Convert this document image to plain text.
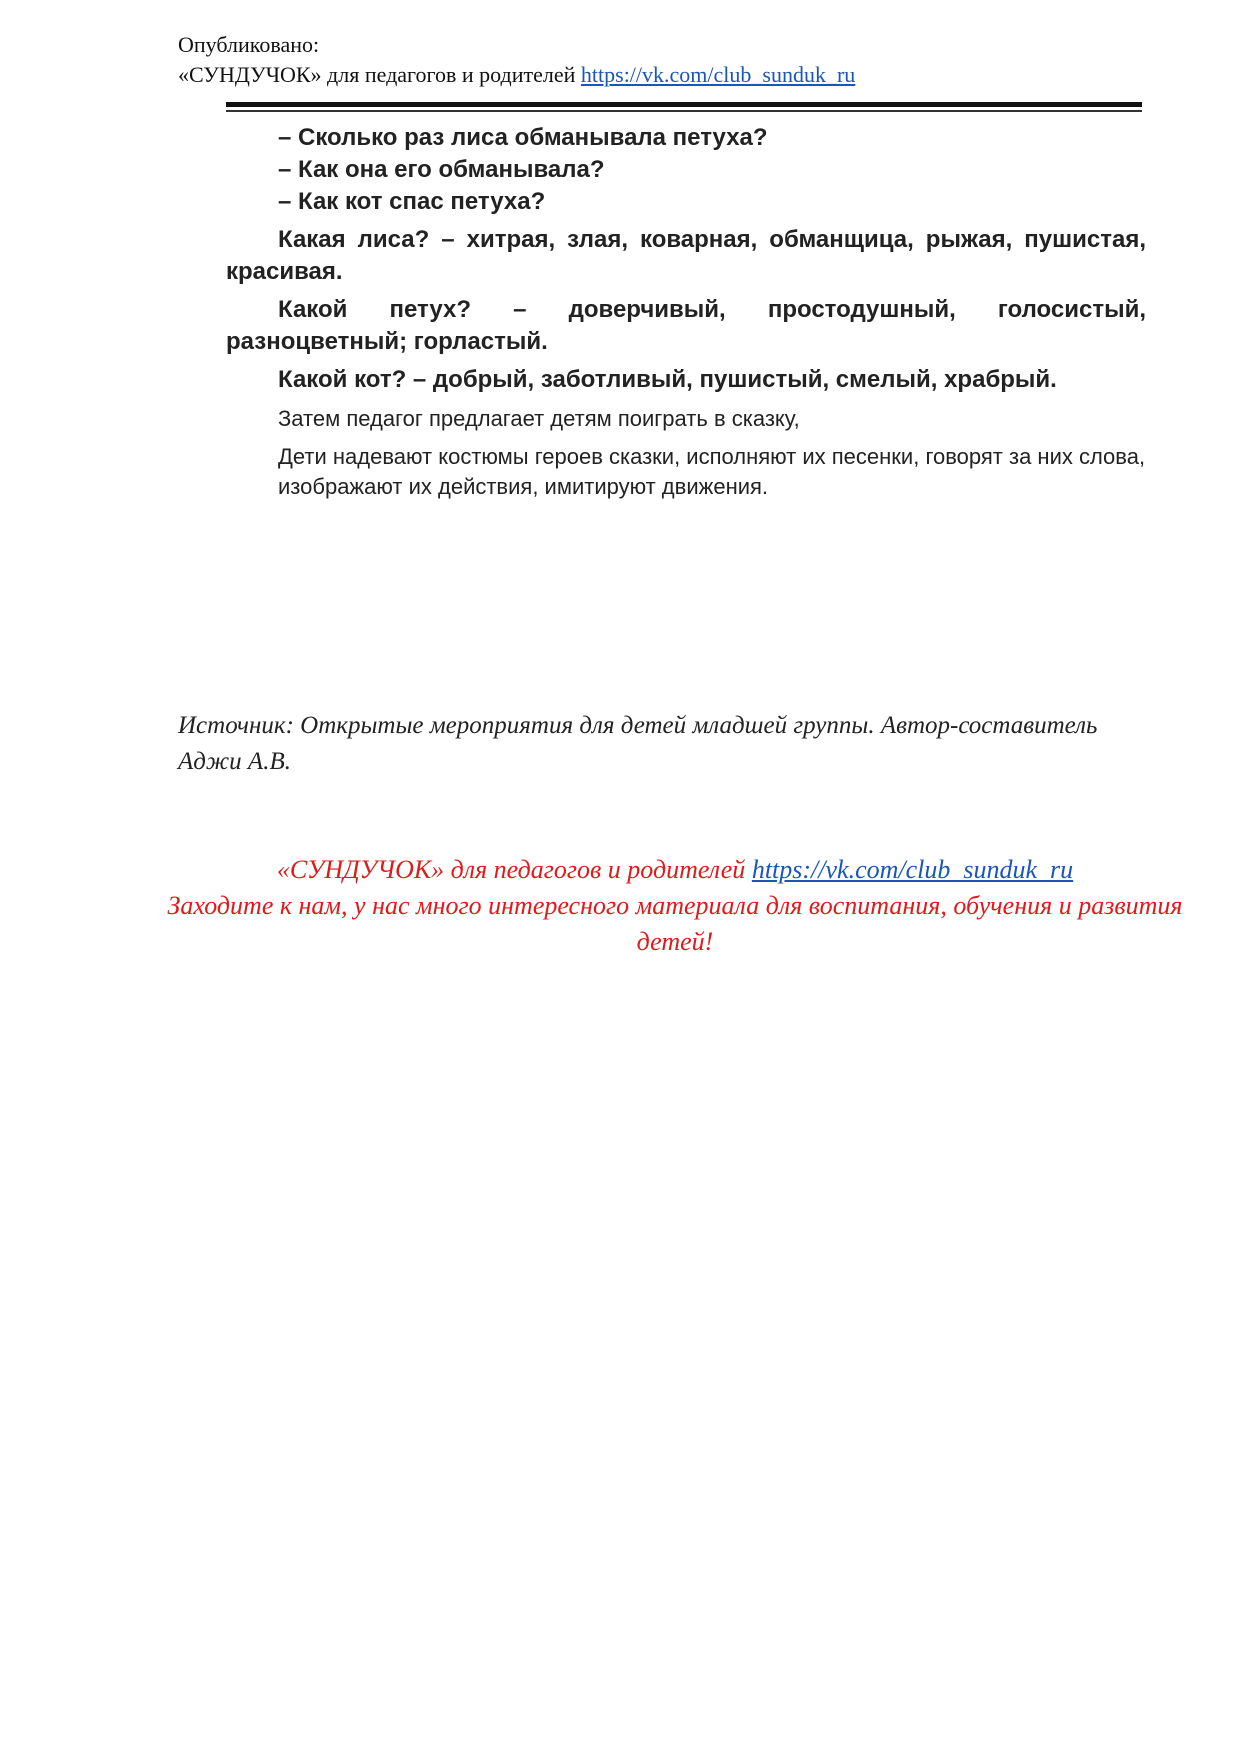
Опубликовано:
«СУНДУЧОК» для педагогов и родителей https://vk.com/club_sunduk_ru
– Сколько раз лиса обманывала петуха?
– Как она его обманывала?
– Как кот спас петуха?
Какая лиса? – хитрая, злая, коварная, обманщица, рыжая, пушистая, красивая.
Какой петух? – доверчивый, простодушный, голосистый, разноцветный; горластый.
Какой кот? – добрый, заботливый, пушистый, смелый, храбрый.
Затем педагог предлагает детям поиграть в сказку,
Дети надевают костюмы героев сказки, исполняют их песенки, говорят за них слова, изображают их действия, имитируют движения.
Источник: Открытые мероприятия для детей младшей группы. Автор-составитель Аджи А.В.
«СУНДУЧОК» для педагогов и родителей https://vk.com/club_sunduk_ru
Заходите к нам, у нас много интересного материала для воспитания, обучения и развития детей!
